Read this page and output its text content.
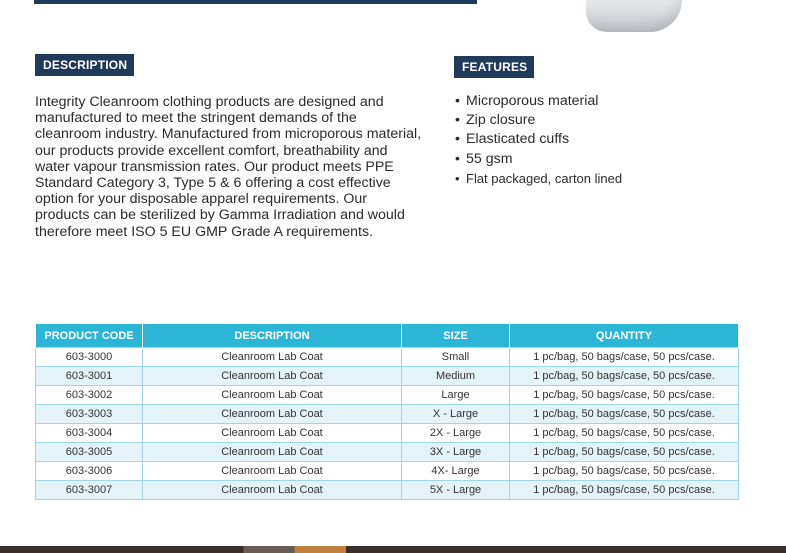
DESCRIPTION

Integrity Cleanroom clothing products are designed and manufactured to meet the stringent demands of the cleanroom industry. Manufactured from microporous material, our products provide excellent comfort, breathability and water vapour transmission rates. Our product meets PPE Standard Category 3, Type 5 & 6 offering a cost effective option for your disposable apparel requirements. Our products can be sterilized by Gamma Irradiation and would therefore meet ISO 5 EU GMP Grade A requirements.

FEATURES
• Microporous material
• Zip closure
• Elasticated cuffs
• 55 gsm
• Flat packaged, carton lined
PRODUCT CODE	DESCRIPTION	SIZE	QUANTITY
603-3000	Cleanroom Lab Coat	Small	1 pc/bag, 50 bags/case, 50 pcs/case.
603-3001	Cleanroom Lab Coat	Medium	1 pc/bag, 50 bags/case, 50 pcs/case.
603-3002	Cleanroom Lab Coat	Large	1 pc/bag, 50 bags/case, 50 pcs/case.
603-3003	Cleanroom Lab Coat	X - Large	1 pc/bag, 50 bags/case, 50 pcs/case.
603-3004	Cleanroom Lab Coat	2X - Large	1 pc/bag, 50 bags/case, 50 pcs/case.
603-3005	Cleanroom Lab Coat	3X - Large	1 pc/bag, 50 bags/case, 50 pcs/case.
603-3006	Cleanroom Lab Coat	4X- Large	1 pc/bag, 50 bags/case, 50 pcs/case.
603-3007	Cleanroom Lab Coat	5X - Large	1 pc/bag, 50 bags/case, 50 pcs/case.
